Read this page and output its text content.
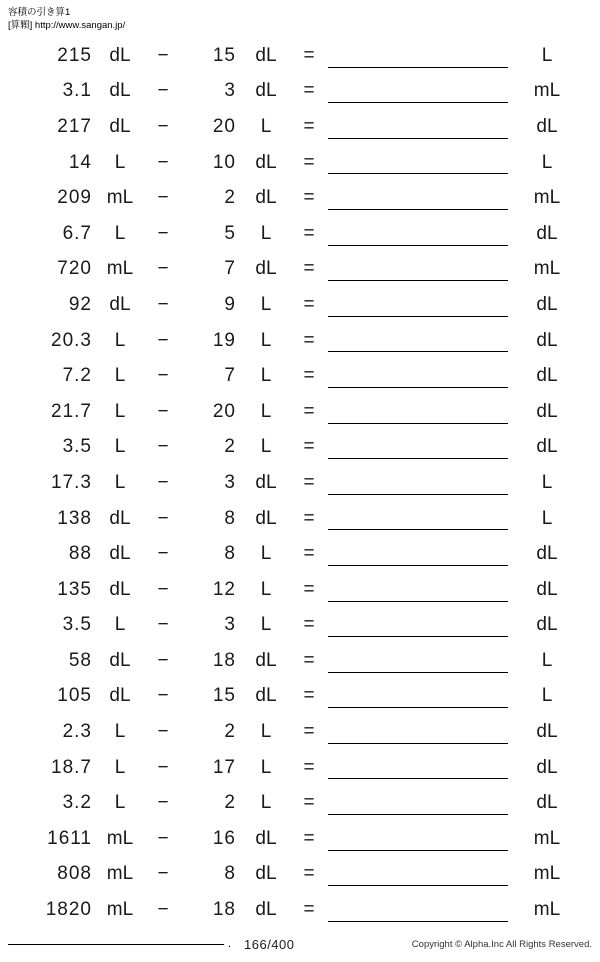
容積の引き算1
[算顆] http://www.sangan.jp/
215 dL	−	15	dL	=	L
3.1 dL	−	3	dL	=	mL
217 dL	−	20	L	=	dL
14	L	−	10	dL	=	L
209 mL	−	2	dL	=	mL
6.7	L	−	5	L	=	dL
720 mL	−	7	dL	=	mL
92 dL	−	9	L	=	dL
20.3	L	−	19	L	=	dL
7.2	L	−	7	L	=	dL
21.7	L	−	20	L	=	dL
3.5	L	−	2	L	=	dL
17.3	L	−	3	dL	=	L
138 dL	−	8	dL	=	L
88 dL	−	8	L	=	dL
135 dL	−	12	L	=	dL
3.5	L	−	3	L	=	dL
58 dL	−	18	dL	=	L
105 dL	−	15	dL	=	L
2.3	L	−	2	L	=	dL
18.7	L	−	17	L	=	dL
3.2	L	−	2	L	=	dL
1611 mL	−	16	dL	=	mL
808 mL	−	8	dL	=	mL
1820 mL	−	18	dL	=	mL
. 166/400	Copyright © Alpha.Inc All Rights Reserved.
